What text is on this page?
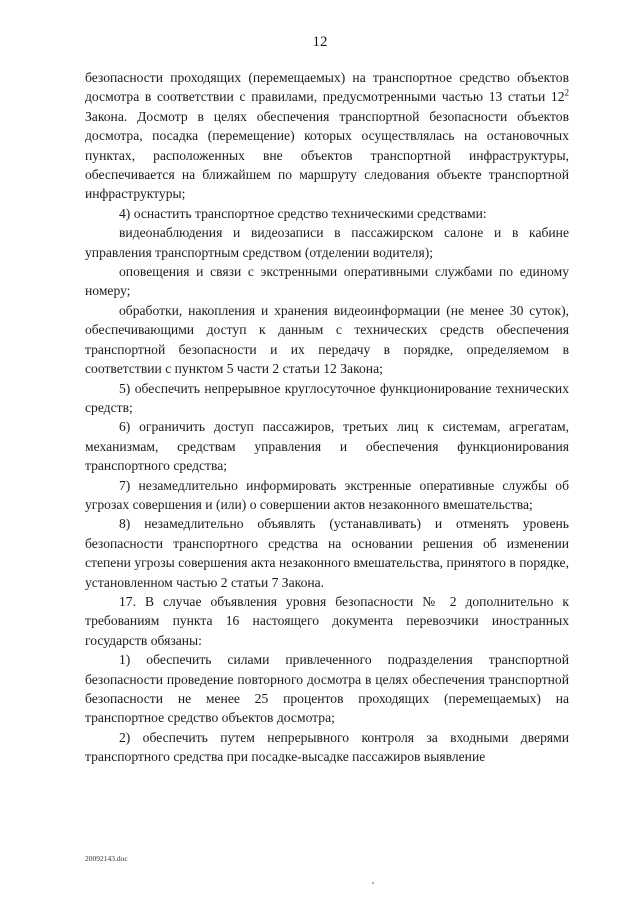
12

безопасности проходящих (перемещаемых) на транспортное средство объектов досмотра в соответствии с правилами, предусмотренными частью 13 статьи $12^2$ Закона. Досмотр в целях обеспечения транспортной безопасности объектов досмотра, посадка (перемещение) которых осуществлялась на остановочных пунктах, расположенных вне объектов транспортной инфраструктуры, обеспечивается на ближайшем по маршруту следования объекте транспортной инфраструктуры;

4) оснастить транспортное средство техническими средствами:

видеонаблюдения и видеозаписи в пассажирском салоне и в кабине управления транспортным средством (отделении водителя);

оповещения и связи с экстренными оперативными службами по единому номеру;

обработки, накопления и хранения видеоинформации (не менее 30 суток), обеспечивающими доступ к данным с технических средств обеспечения транспортной безопасности и их передачу в порядке, определяемом в соответствии с пунктом 5 части 2 статьи 12 Закона;

5) обеспечить непрерывное круглосуточное функционирование технических средств;

6) ограничить доступ пассажиров, третьих лиц к системам, агрегатам, механизмам, средствам управления и обеспечения функционирования транспортного средства;

7) незамедлительно информировать экстренные оперативные службы об угрозах совершения и (или) о совершении актов незаконного вмешательства;

8) незамедлительно объявлять (устанавливать) и отменять уровень безопасности транспортного средства на основании решения об изменении степени угрозы совершения акта незаконного вмешательства, принятого в порядке, установленном частью 2 статьи 7 Закона.

17. В случае объявления уровня безопасности № 2 дополнительно к требованиям пункта 16 настоящего документа перевозчики иностранных государств обязаны:

1) обеспечить силами привлеченного подразделения транспортной безопасности проведение повторного досмотра в целях обеспечения транспортной безопасности не менее 25 процентов проходящих (перемещаемых) на транспортное средство объектов досмотра;

2) обеспечить путем непрерывного контроля за входными дверями транспортного средства при посадке-высадке пассажиров выявление

20092143.doc
